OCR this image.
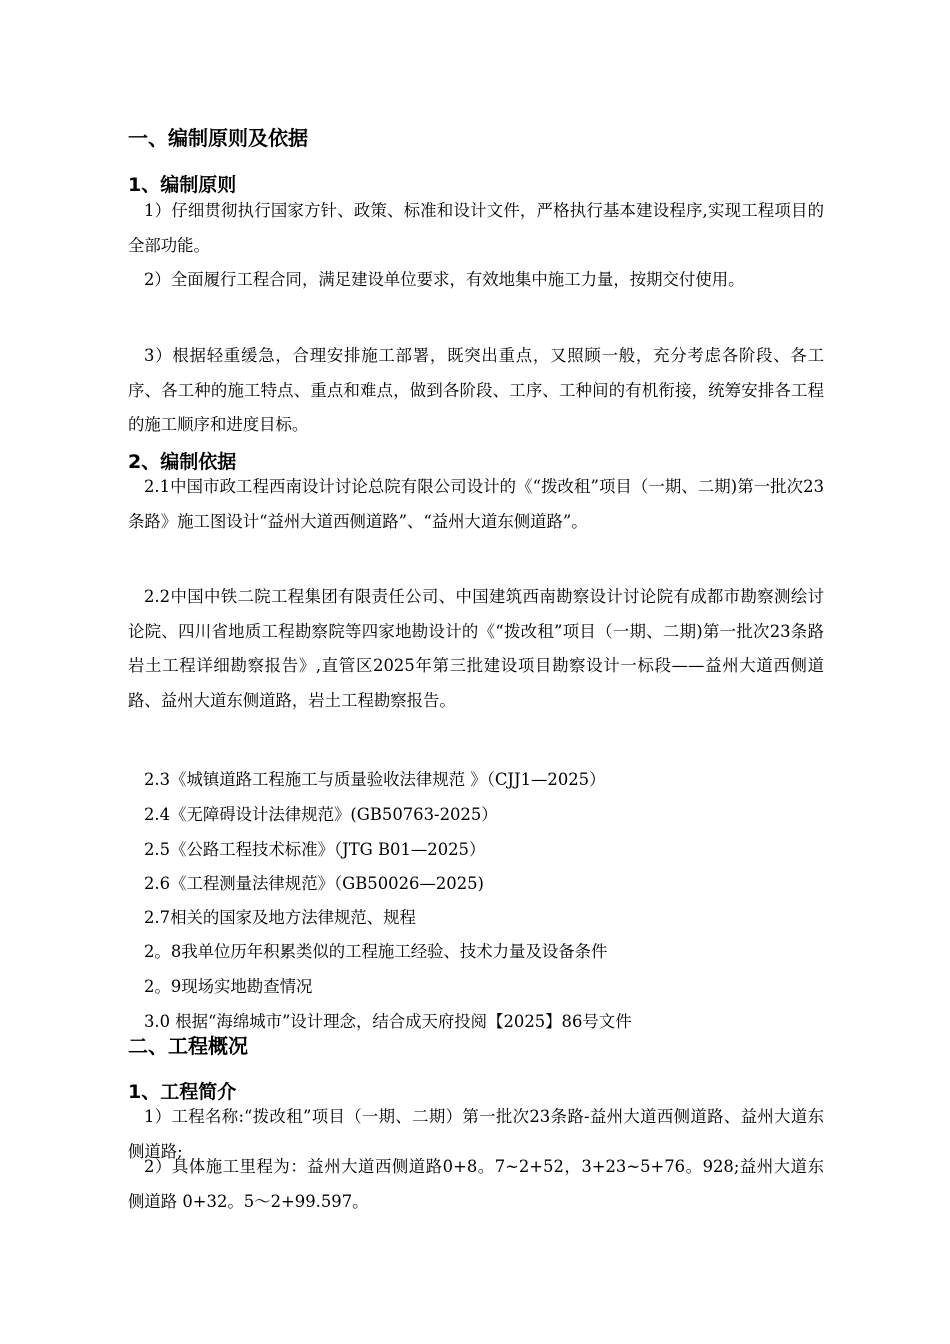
一、编制原则及依据
1、编制原则

1）仔细贯彻执行国家方针、政策、标准和设计文件，严格执行基本建设程序,实现工程项目的全部功能。

2）全面履行工程合同，满足建设单位要求，有效地集中施工力量，按期交付使用。

3）根据轻重缓急，合理安排施工部署，既突出重点，又照顾一般，充分考虑各阶段、各工序、各工种的施工特点、重点和难点，做到各阶段、工序、工种间的有机衔接，统筹安排各工程的施工顺序和进度目标。

2、编制依据

2.1中国市政工程西南设计讨论总院有限公司设计的《“拨改租”项目（一期、二期)第一批次23条路》施工图设计“益州大道西侧道路”、“益州大道东侧道路”。

2.2中国中铁二院工程集团有限责任公司、中国建筑西南勘察设计讨论院有成都市勘察测绘讨论院、四川省地质工程勘察院等四家地勘设计的《“拨改租”项目（一期、二期)第一批次23条路岩土工程详细勘察报告》,直管区2025年第三批建设项目勘察设计一标段——益州大道西侧道路、益州大道东侧道路，岩土工程勘察报告。

2.3《城镇道路工程施工与质量验收法律规范 》（CJJ1—2025）
2.4《无障碍设计法律规范》(GB50763-2025）
2.5《公路工程技术标准》（JTG B01—2025）
2.6《工程测量法律规范》（GB50026—2025)
2.7相关的国家及地方法律规范、规程
2。8我单位历年积累类似的工程施工经验、技术力量及设备条件
2。9现场实地勘查情况
3.0 根据“海绵城市”设计理念，结合成天府投阅【2025】86号文件
二、工程概况
1、工程简介

1）工程名称:“拨改租”项目（一期、二期）第一批次23条路-益州大道西侧道路、益州大道东侧道路;

2）具体施工里程为：益州大道西侧道路0+8。7~2+52，3+23~5+76。928;益州大道东侧道路 0+32。5～2+99.597。
